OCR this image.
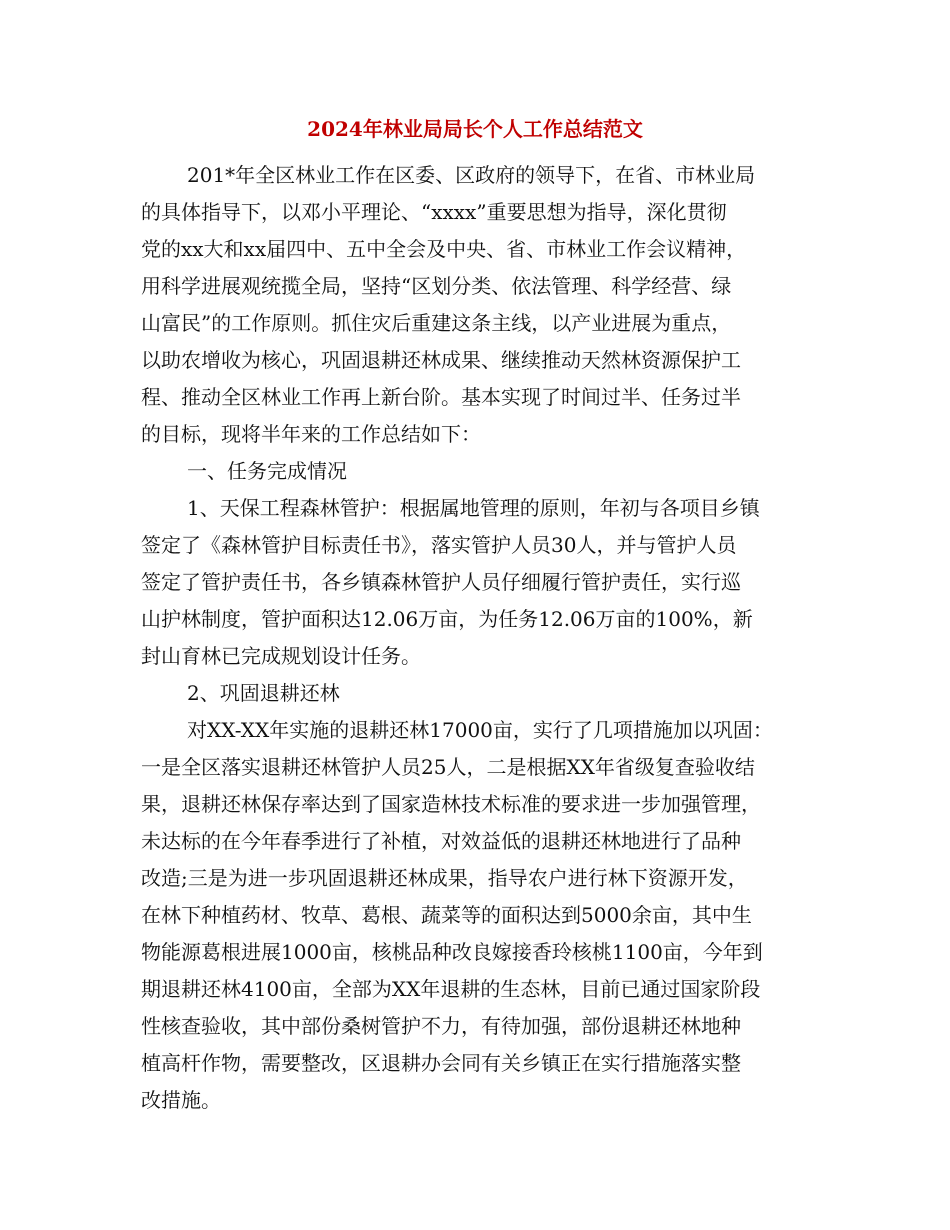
2024年林业局局长个人工作总结范文
201*年全区林业工作在区委、区政府的领导下，在省、市林业局
的具体指导下，以邓小平理论、“xxxx”重要思想为指导，深化贯彻
党的xx大和xx届四中、五中全会及中央、省、市林业工作会议精神，
用科学进展观统揽全局，坚持“区划分类、依法管理、科学经营、绿
山富民”的工作原则。抓住灾后重建这条主线，以产业进展为重点，
以助农增收为核心，巩固退耕还林成果、继续推动天然林资源保护工
程、推动全区林业工作再上新台阶。基本实现了时间过半、任务过半
的目标，现将半年来的工作总结如下：
一、任务完成情况
1、天保工程森林管护：根据属地管理的原则，年初与各项目乡镇
签定了《森林管护目标责任书》，落实管护人员30人，并与管护人员
签定了管护责任书，各乡镇森林管护人员仔细履行管护责任，实行巡
山护林制度，管护面积达12.06万亩，为任务12.06万亩的100%，新
封山育林已完成规划设计任务。
2、巩固退耕还林
对XX-XX年实施的退耕还林17000亩，实行了几项措施加以巩固：
一是全区落实退耕还林管护人员25人，二是根据XX年省级复查验收结
果，退耕还林保存率达到了国家造林技术标准的要求进一步加强管理，
未达标的在今年春季进行了补植，对效益低的退耕还林地进行了品种
改造;三是为进一步巩固退耕还林成果，指导农户进行林下资源开发，
在林下种植药材、牧草、葛根、蔬菜等的面积达到5000余亩，其中生
物能源葛根进展1000亩，核桃品种改良嫁接香玲核桃1100亩，今年到
期退耕还林4100亩，全部为XX年退耕的生态林，目前已通过国家阶段
性核查验收，其中部份桑树管护不力，有待加强，部份退耕还林地种
植高杆作物，需要整改，区退耕办会同有关乡镇正在实行措施落实整
改措施。
